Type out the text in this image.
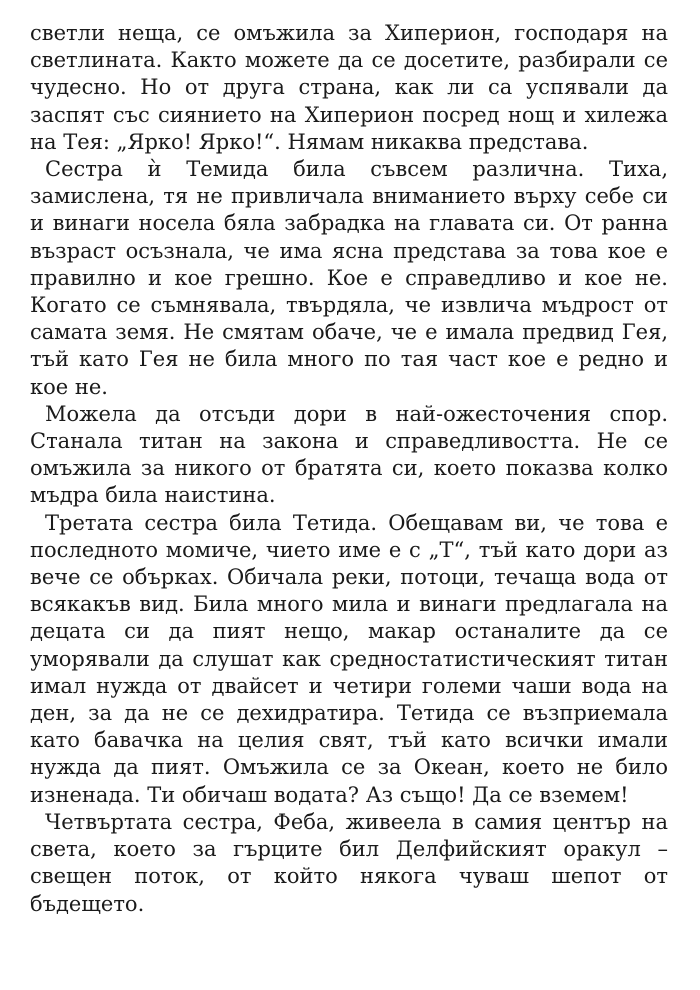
светли неща, се омъжила за Хиперион, господаря на светлината. Както можете да се досетите, разбирали се чудесно. Но от друга страна, как ли са успявали да заспят със сиянието на Хиперион посред нощ и хилежа на Тея: „Ярко! Ярко!“. Нямам никаква представа.

Сестра ѝ Темида била съвсем различна. Тиха, замислена, тя не привличала вниманието върху себе си и винаги носела бяла забрадка на главата си. От ранна възраст осъзнала, че има ясна представа за това кое е правилно и кое грешно. Кое е справедливо и кое не. Когато се съмнявала, твърдяла, че извлича мъдрост от самата земя. Не смятам обаче, че е имала предвид Гея, тъй като Гея не била много по тая част кое е редно и кое не.

Можела да отсъди дори в най-ожесточения спор. Станала титан на закона и справедливостта. Не се омъжила за никого от братята си, което показва колко мъдра била наистина.

Третата сестра била Тетида. Обещавам ви, че това е последното момиче, чието име е с „Т“, тъй като дори аз вече се обърках. Обичала реки, потоци, течаща вода от всякакъв вид. Била много мила и винаги предлагала на децата си да пият нещо, макар останалите да се уморявали да слушат как средностатистическият титан имал нужда от двайсет и четири големи чаши вода на ден, за да не се дехидратира. Тетида се възприемала като бавачка на целия свят, тъй като всички имали нужда да пият. Омъжила се за Океан, което не било изненада. Ти обичаш водата? Аз също! Да се вземем!

Четвъртата сестра, Феба, живеела в самия център на света, което за гърците бил Делфийският оракул – свещен поток, от който някога чуваш шепот от бъдещето.
